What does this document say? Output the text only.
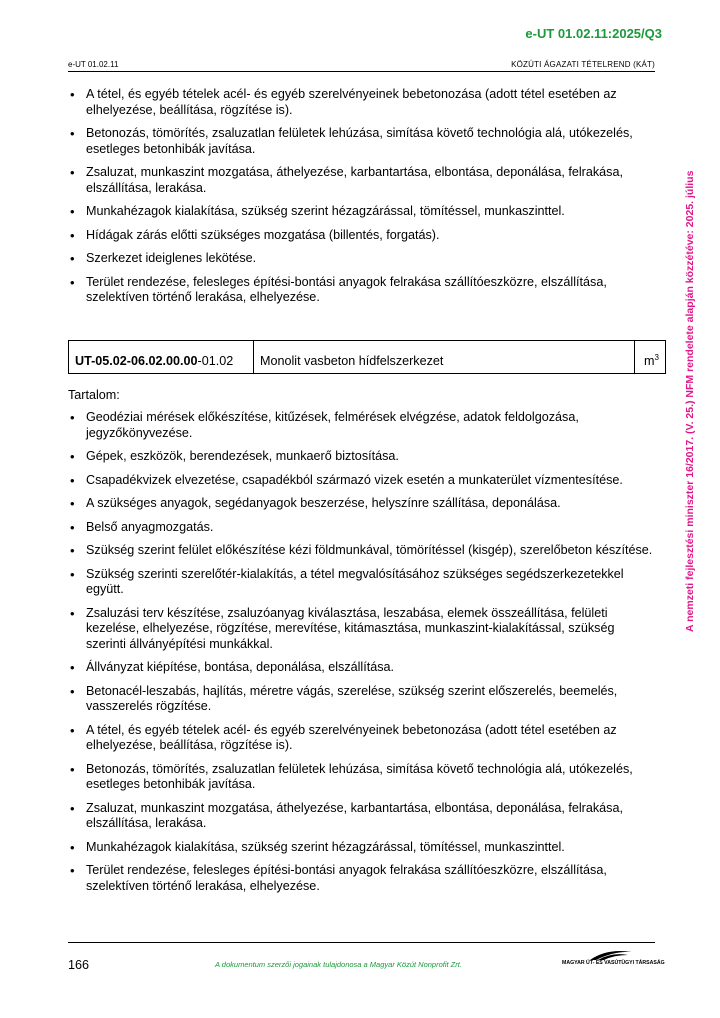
e-UT 01.02.11:2025/Q3
e-UT 01.02.11	KÖZÚTI ÁGAZATI TÉTELREND (KÁT)
A nemzeti fejlesztési miniszter 16/2017. (V. 25.) NFM rendelete alapján közzétéve: 2025. július
• A tétel, és egyéb tételek acél- és egyéb szerelvényeinek bebetonozása (adott tétel esetében az elhelyezése, beállítása, rögzítése is).
• Betonozás, tömörítés, zsaluzatlan felületek lehúzása, simítása követő technológia alá, utókezelés, esetleges betonhibák javítása.
• Zsaluzat, munkaszint mozgatása, áthelyezése, karbantartása, elbontása, deponálása, felrakása, elszállítása, lerakása.
• Munkahézagok kialakítása, szükség szerint hézagzárással, tömítéssel, munkaszinttel.
• Hídágak zárás előtti szükséges mozgatása (billentés, forgatás).
• Szerkezet ideiglenes lekötése.
• Terület rendezése, felesleges építési-bontási anyagok felrakása szállítóeszközre, elszállítása, szelektíven történő lerakása, elhelyezése.
UT-05.02-06.02.00.00-01.02	Monolit vasbeton hídfelszerkezet	$m^3$
Tartalom:
• Geodéziai mérések előkészítése, kitűzések, felmérések elvégzése, adatok feldolgozása, jegyzőkönyvezése.
• Gépek, eszközök, berendezések, munkaerő biztosítása.
• Csapadékvizek elvezetése, csapadékból származó vizek esetén a munkaterület vízmentesítése.
• A szükséges anyagok, segédanyagok beszerzése, helyszínre szállítása, deponálása.
• Belső anyagmozgatás.
• Szükség szerint felület előkészítése kézi földmunkával, tömörítéssel (kisgép), szerelőbeton készítése.
• Szükség szerinti szerelőtér-kialakítás, a tétel megvalósításához szükséges segédszerkezetekkel együtt.
• Zsaluzási terv készítése, zsaluzóanyag kiválasztása, leszabása, elemek összeállítása, felületi kezelése, elhelyezése, rögzítése, merevítése, kitámasztása, munkaszint-kialakítással, szükség szerinti állványépítési munkákkal.
• Állványzat kiépítése, bontása, deponálása, elszállítása.
• Betonacél-leszabás, hajlítás, méretre vágás, szerelése, szükség szerint előszerelés, beemelés, vasszerelés rögzítése.
• A tétel, és egyéb tételek acél- és egyéb szerelvényeinek bebetonozása (adott tétel esetében az elhelyezése, beállítása, rögzítése is).
• Betonozás, tömörítés, zsaluzatlan felületek lehúzása, simítása követő technológia alá, utókezelés, esetleges betonhibák javítása.
• Zsaluzat, munkaszint mozgatása, áthelyezése, karbantartása, elbontása, deponálása, felrakása, elszállítása, lerakása.
• Munkahézagok kialakítása, szükség szerint hézagzárással, tömítéssel, munkaszinttel.
• Terület rendezése, felesleges építési-bontási anyagok felrakása szállítóeszközre, elszállítása, szelektíven történő lerakása, elhelyezése.
166	A dokumentum szerzői jogainak tulajdonosa a Magyar Közút Nonprofit Zrt.	MAGYAR ÚT- ÉS VASÚTÜGYI TÁRSASÁG
